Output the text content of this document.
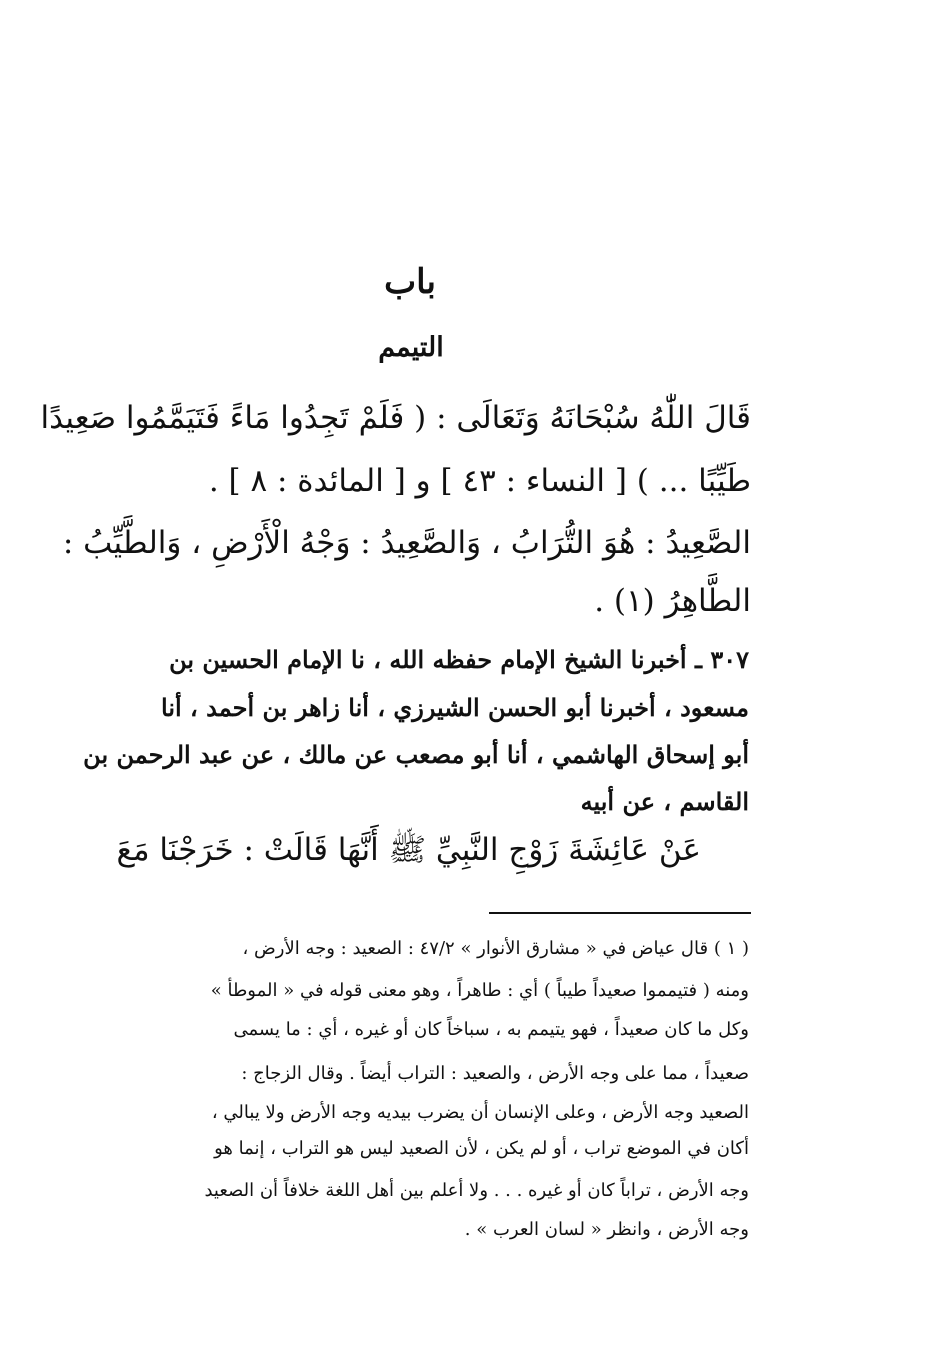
باب
التيمم
قَالَ اللّٰهُ سُبْحَانَهُ وَتَعَالَى : ( فَلَمْ تَجِدُوا مَاءً فَتَيَمَّمُوا صَعِيدًا
طَيِّبًا ... ) [ النساء : ٤٣ ] و [ المائدة : ٨ ] .
الصَّعِيدُ : هُوَ التُّرَابُ ، وَالصَّعِيدُ : وَجْهُ الْأَرْضِ ، وَالطَّيِّبُ :
الطَّاهِرُ (١) .
٣٠٧ ـ أخبرنا الشيخ الإمام حفظه الله ، نا الإمام الحسين بن
مسعود ، أخبرنا أبو الحسن الشيرزي ، أنا زاهر بن أحمد ، أنا
أبو إسحاق الهاشمي ، أنا أبو مصعب عن مالك ، عن عبد الرحمن بن
القاسم ، عن أبيه
عَنْ عَائِشَةَ زَوْجِ النَّبِيِّ ﷺ أَنَّهَا قَالَتْ : خَرَجْنَا مَعَ
( ١ ) قال عياض في « مشارق الأنوار » ٤٧/٢ : الصعيد : وجه الأرض ،
ومنه ( فتيمموا صعيداً طيباً ) أي : طاهراً ، وهو معنى قوله في « الموطأ »
وكل ما كان صعيداً ، فهو يتيمم به ، سباخاً كان أو غيره ، أي : ما يسمى
صعيداً ، مما على وجه الأرض ، والصعيد : التراب أيضاً . وقال الزجاج :
الصعيد وجه الأرض ، وعلى الإنسان أن يضرب بيديه وجه الأرض ولا يبالي ،
أكان في الموضع تراب ، أو لم يكن ، لأن الصعيد ليس هو التراب ، إنما هو
وجه الأرض ، تراباً كان أو غيره . . . ولا أعلم بين أهل اللغة خلافاً أن الصعيد
وجه الأرض ، وانظر « لسان العرب » .
